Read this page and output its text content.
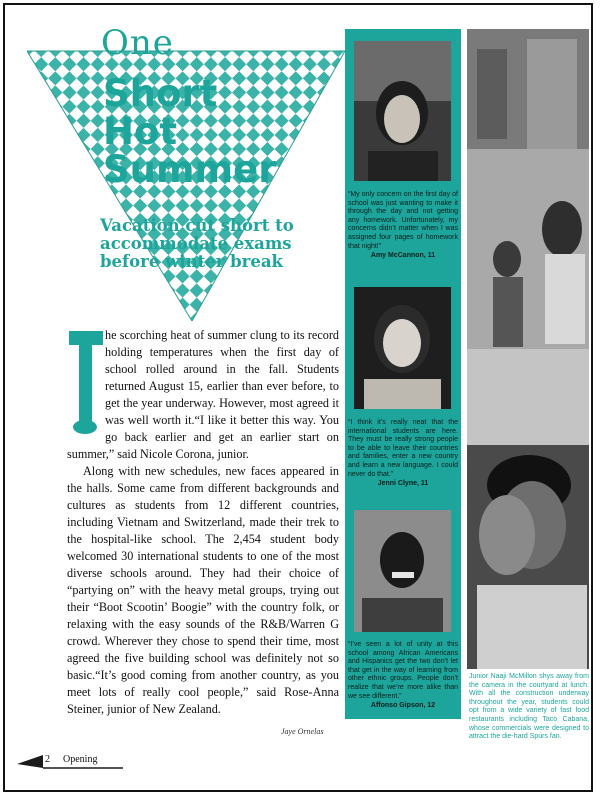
One
Short
Hot
Summer
Vacation cut short to
accommodate exams
before winter break
T

he scorching heat of summer clung to its record holding temperatures when the first day of school rolled around in the fall. Students returned August 15, earlier than ever before, to get the year underway. However, most agreed it was well worth it.“I like it better this way. You go back earlier and get an earlier start on summer,” said Nicole Corona, junior.

Along with new schedules, new faces appeared in the halls. Some came from different backgrounds and cultures as students from 12 different countries, including Vietnam and Switzerland, made their trek to the hospital-like school. The 2,454 student body welcomed 30 international students to one of the most diverse schools around. They had their choice of “partying on” with the heavy metal groups, trying out their “Boot Scootin’ Boogie” with the country folk, or relaxing with the easy sounds of the R&B/Warren G crowd. Wherever they chose to spend their time, most agreed the five building school was definitely not so basic.“It’s good coming from another country, as you meet lots of really cool people,” said Rose-Anna Steiner, junior of New Zealand.

Jaye Ornelas
2 Opening
“My only concern on the first day of school was just wanting to make it through the day and not getting any homework. Unfortunately, my concerns didn’t matter when I was assigned four pages of homework that night!”
Amy McCannon, 11
“I think it’s really neat that the international students are here. They must be really strong people to be able to leave their countries and families, enter a new country and learn a new language. I could never do that.”
Jenni Clyne, 11
“I’ve seen a lot of unity at this school among African Americans and Hispanics get the two don’t let that get in the way of learning from other ethnic groups. People don’t realize that we’re more alike than we see different.”
Affonso Gipson, 12
Junior Naaji McMillon shys away from the camera in the courtyard at lunch. With all the construction underway throughout the year, students could opt from a wide variety of fast food restaurants including Taco Cabana, whose commercials were designed to attract the die-hard Spurs fan.
